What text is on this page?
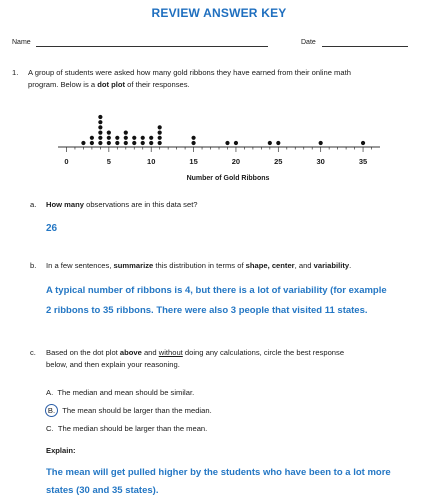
REVIEW ANSWER KEY
Name	Date
1. A group of students were asked how many gold ribbons they have earned from their online math
program. Below is a dot plot of their responses.
0	5	10	15	20	25	30	35
Number of Gold Ribbons
a. How many observations are in this data set?
26
b. In a few sentences, summarize this distribution in terms of shape, center, and variability.
A typical number of ribbons is 4, but there is a lot of variability (for example
2 ribbons to 35 ribbons. There were also 3 people that visited 11 states.
c. Based on the dot plot above and without doing any calculations, circle the best response
below, and then explain your reasoning.
A. The median and mean should be similar.
B. The mean should be larger than the median.
C. The median should be larger than the mean.
Explain:
The mean will get pulled higher by the students who have been to a lot more
states (30 and 35 states).
